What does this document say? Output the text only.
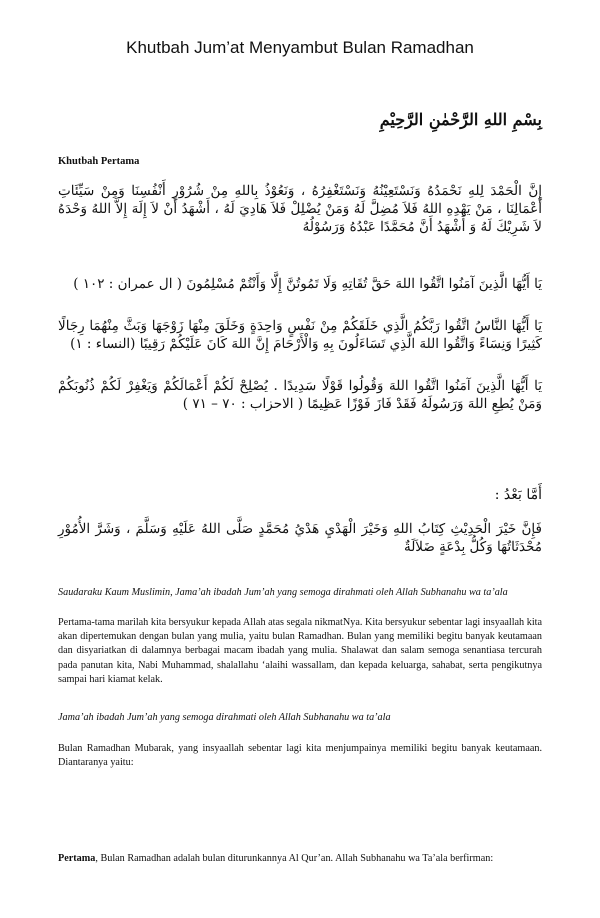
Khutbah Jum’at Menyambut Bulan Ramadhan
بِسْمِ اللهِ الرَّحْمٰنِ الرَّحِيْمِ
Khutbah Pertama
إِنَّ الْحَمْدَ لِلهِ نَحْمَدُهُ وَنَسْتَعِيْنُهُ وَنَسْتَغْفِرُهُ ، وَنَعُوْذُ بِاللهِ مِنْ شُرُوْرِ أَنْفُسِنَا وَمِنْ سَيِّئَاتِ أَعْمَالِنَا ، مَنْ يَهْدِهِ اللهُ فَلاَ مُضِلَّ لَهُ وَمَنْ يُضْلِلْ فَلاَ هَادِيَ لَهُ ، أَشْهَدُ أَنْ لاَ إِلَهَ إِلاَّ اللهُ وَحْدَهُ لاَ شَرِيْكَ لَهُ وَ أَشْهَدُ أَنَّ مُحَمَّدًا عَبْدُهُ وَرَسُوْلُهُ
يَا أَيُّهَا الَّذِينَ آمَنُوا اتَّقُوا اللهَ حَقَّ تُقَاتِهِ وَلَا تَمُوتُنَّ إِلَّا وَأَنْتُمْ مُسْلِمُونَ ( ال عمران : ١٠٢ )
يَا أَيُّهَا النَّاسُ اتَّقُوا رَبَّكُمُ الَّذِي خَلَقَكُمْ مِنْ نَفْسٍ وَاحِدَةٍ وَخَلَقَ مِنْهَا زَوْجَهَا وَبَثَّ مِنْهُمَا رِجَالًا كَثِيرًا وَنِسَاءً وَاتَّقُوا اللهَ الَّذِي تَسَاءَلُونَ بِهِ وَالْأَرْحَامَ إِنَّ اللهَ كَانَ عَلَيْكُمْ رَقِيبًا (النساء : ١)
يَا أَيُّهَا الَّذِينَ آمَنُوا اتَّقُوا اللهَ وَقُولُوا قَوْلًا سَدِيدًا . يُصْلِحْ لَكُمْ أَعْمَالَكُمْ وَيَغْفِرْ لَكُمْ ذُنُوبَكُمْ وَمَنْ يُطِعِ اللهَ وَرَسُولَهُ فَقَدْ فَازَ فَوْزًا عَظِيمًا ( الاحزاب : ٧٠ – ٧١ )
أَمَّا بَعْدُ :
فَإِنَّ خَيْرَ الْحَدِيْثِ كِتَابُ اللهِ وَخَيْرَ الْهَدْيِ هَدْيُ مُحَمَّدٍ صَلَّى اللهُ عَلَيْهِ وَسَلَّمَ ، وَشَرَّ الأُمُوْرِ مُحْدَثَاتُهَا وَكُلُّ بِدْعَةٍ ضَلاَلَةٌ
Saudaraku Kaum Muslimin, Jama’ah ibadah Jum’ah yang semoga dirahmati oleh Allah Subhanahu wa ta’ala
Pertama-tama marilah kita bersyukur kepada Allah atas segala nikmatNya. Kita bersyukur sebentar lagi insyaallah kita akan dipertemukan dengan bulan yang mulia, yaitu bulan Ramadhan. Bulan yang memiliki begitu banyak keutamaan dan disyariatkan di dalamnya berbagai macam ibadah yang mulia. Shalawat dan salam semoga senantiasa tercurah pada panutan kita, Nabi Muhammad, shalallahu ‘alaihi wassallam, dan kepada keluarga, sahabat, serta pengikutnya sampai hari kiamat kelak.
Jama’ah ibadah Jum’ah yang semoga dirahmati oleh Allah Subhanahu wa ta’ala
Bulan Ramadhan Mubarak, yang insyaallah sebentar lagi kita menjumpainya memiliki begitu banyak keutamaan. Diantaranya yaitu:
Pertama, Bulan Ramadhan adalah bulan diturunkannya Al Qur’an. Allah Subhanahu wa Ta’ala berfirman:
